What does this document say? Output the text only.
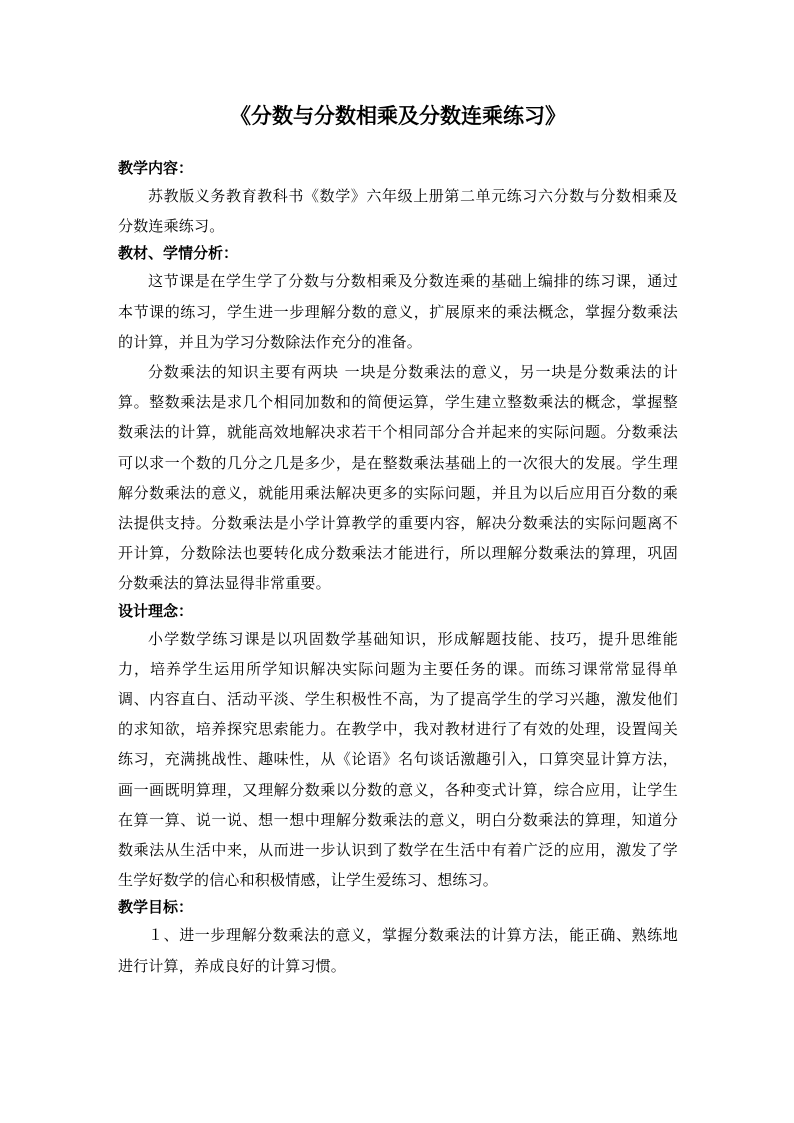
《分数与分数相乘及分数连乘练习》

教学内容：

苏教版义务教育教科书《数学》六年级上册第二单元练习六分数与分数相乘及分数连乘练习。

教材、学情分析：

这节课是在学生学了分数与分数相乘及分数连乘的基础上编排的练习课，通过本节课的练习，学生进一步理解分数的意义，扩展原来的乘法概念，掌握分数乘法的计算，并且为学习分数除法作充分的准备。

分数乘法的知识主要有两块 一块是分数乘法的意义，另一块是分数乘法的计算。整数乘法是求几个相同加数和的简便运算，学生建立整数乘法的概念，掌握整数乘法的计算，就能高效地解决求若干个相同部分合并起来的实际问题。分数乘法可以求一个数的几分之几是多少，是在整数乘法基础上的一次很大的发展。学生理解分数乘法的意义，就能用乘法解决更多的实际问题，并且为以后应用百分数的乘法提供支持。分数乘法是小学计算教学的重要内容，解决分数乘法的实际问题离不开计算，分数除法也要转化成分数乘法才能进行，所以理解分数乘法的算理，巩固分数乘法的算法显得非常重要。

设计理念：

小学数学练习课是以巩固数学基础知识，形成解题技能、技巧，提升思维能力，培养学生运用所学知识解决实际问题为主要任务的课。而练习课常常显得单调、内容直白、活动平淡、学生积极性不高，为了提高学生的学习兴趣，激发他们的求知欲，培养探究思索能力。在教学中，我对教材进行了有效的处理，设置闯关练习，充满挑战性、趣味性，从《论语》名句谈话激趣引入，口算突显计算方法，画一画既明算理，又理解分数乘以分数的意义，各种变式计算，综合应用，让学生在算一算、说一说、想一想中理解分数乘法的意义，明白分数乘法的算理，知道分数乘法从生活中来，从而进一步认识到了数学在生活中有着广泛的应用，激发了学生学好数学的信心和积极情感，让学生爱练习、想练习。

教学目标：

１、进一步理解分数乘法的意义，掌握分数乘法的计算方法，能正确、熟练地进行计算，养成良好的计算习惯。
